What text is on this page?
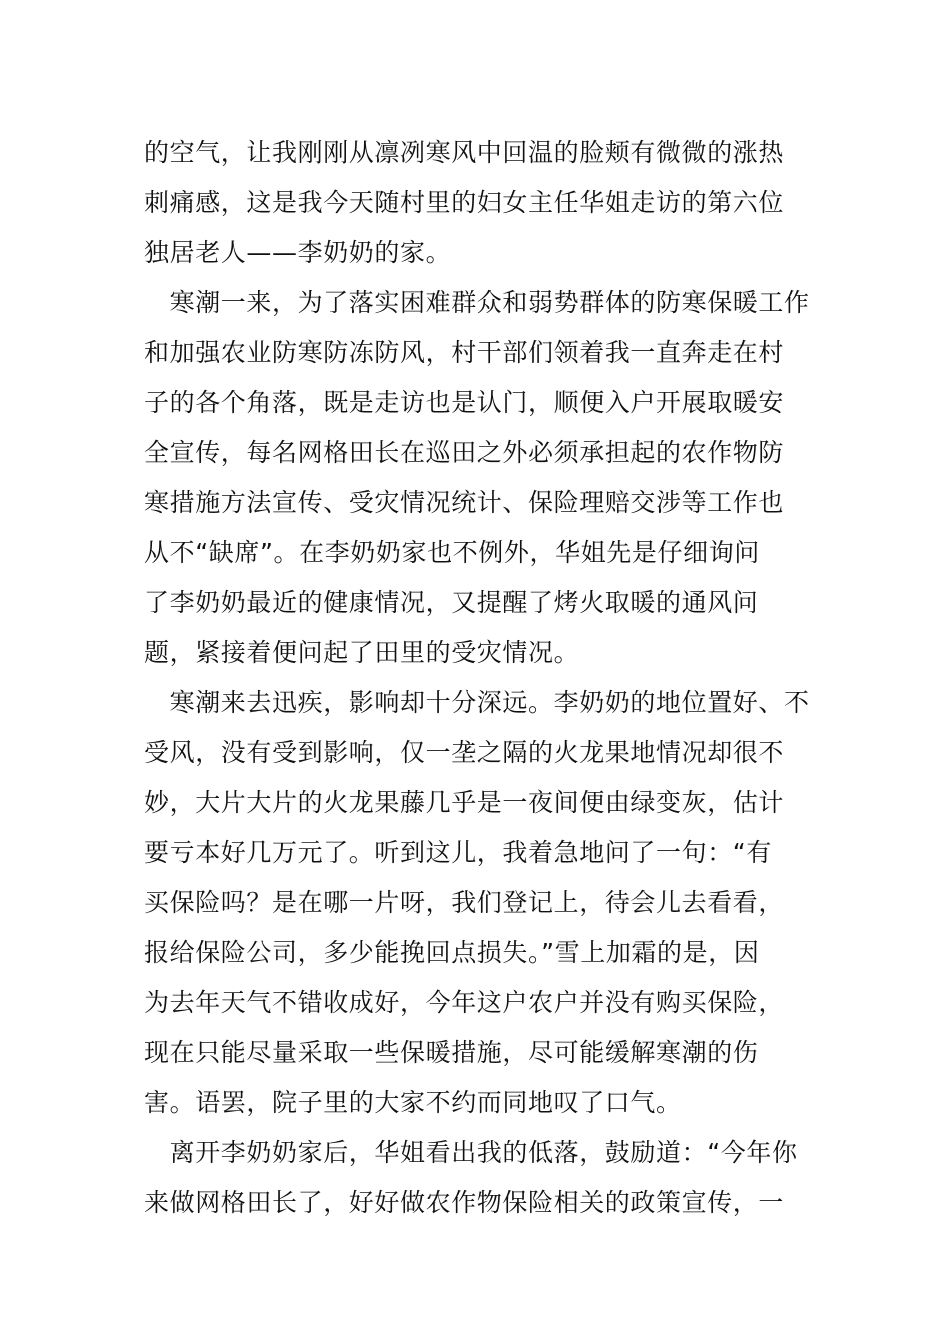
的空气，让我刚刚从凛冽寒风中回温的脸颊有微微的涨热
刺痛感，这是我今天随村里的妇女主任华姐走访的第六位
独居老人——李奶奶的家。
　寒潮一来，为了落实困难群众和弱势群体的防寒保暖工作
和加强农业防寒防冻防风，村干部们领着我一直奔走在村
子的各个角落，既是走访也是认门，顺便入户开展取暖安
全宣传，每名网格田长在巡田之外必须承担起的农作物防
寒措施方法宣传、受灾情况统计、保险理赔交涉等工作也
从不“缺席”。在李奶奶家也不例外，华姐先是仔细询问
了李奶奶最近的健康情况，又提醒了烤火取暖的通风问
题，紧接着便问起了田里的受灾情况。
　寒潮来去迅疾，影响却十分深远。李奶奶的地位置好、不
受风，没有受到影响，仅一垄之隔的火龙果地情况却很不
妙，大片大片的火龙果藤几乎是一夜间便由绿变灰，估计
要亏本好几万元了。听到这儿，我着急地问了一句：“有
买保险吗？是在哪一片呀，我们登记上，待会儿去看看，
报给保险公司，多少能挽回点损失。”雪上加霜的是，因
为去年天气不错收成好，今年这户农户并没有购买保险，
现在只能尽量采取一些保暖措施，尽可能缓解寒潮的伤
害。语罢，院子里的大家不约而同地叹了口气。
　离开李奶奶家后，华姐看出我的低落，鼓励道：“今年你
来做网格田长了，好好做农作物保险相关的政策宣传，一
